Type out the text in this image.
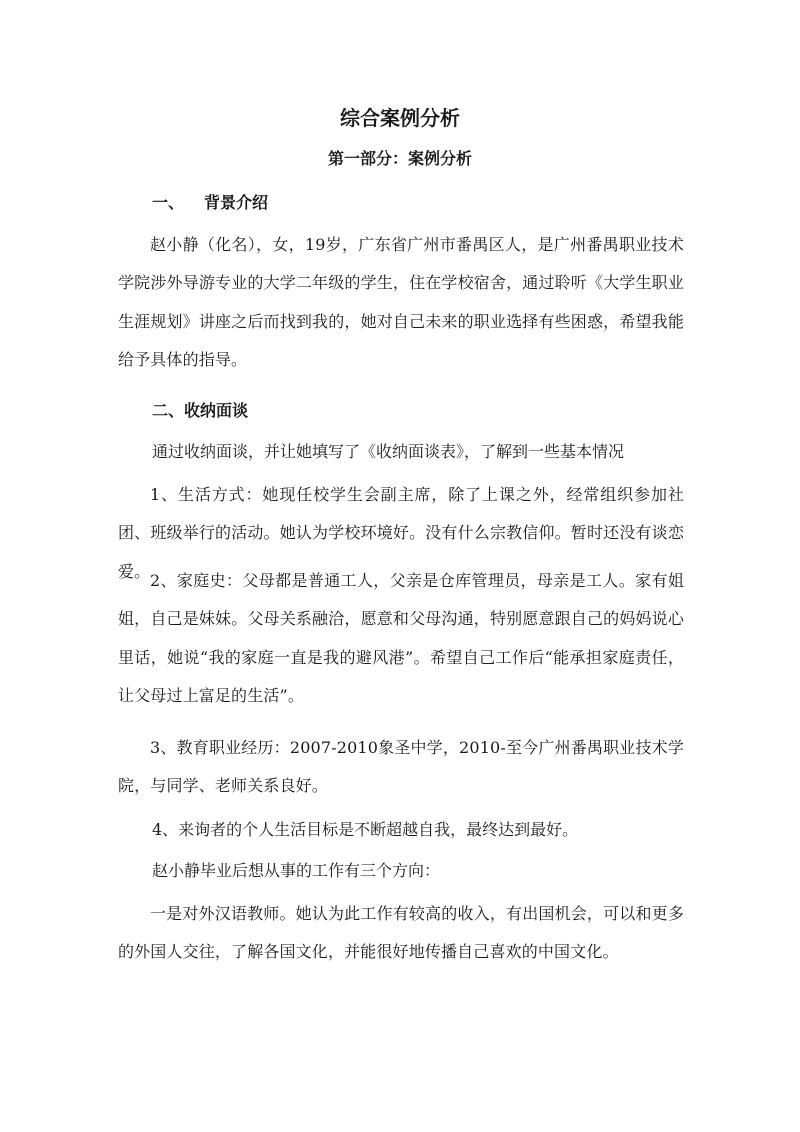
综合案例分析
第一部分：案例分析
一、 背景介绍
赵小静（化名），女，19岁，广东省广州市番禺区人，是广州番禺职业技术学院涉外导游专业的大学二年级的学生，住在学校宿舍，通过聆听《大学生职业生涯规划》讲座之后而找到我的，她对自己未来的职业选择有些困惑，希望我能给予具体的指导。
二、收纳面谈
通过收纳面谈，并让她填写了《收纳面谈表》，了解到一些基本情况
1、生活方式：她现任校学生会副主席，除了上课之外，经常组织参加社团、班级举行的活动。她认为学校环境好。没有什么宗教信仰。暂时还没有谈恋爱。 2、家庭史：父母都是普通工人，父亲是仓库管理员，母亲是工人。家有姐姐，自己是妹妹。父母关系融洽，愿意和父母沟通，特别愿意跟自己的妈妈说心里话，她说“我的家庭一直是我的避风港”。希望自己工作后“能承担家庭责任，让父母过上富足的生活”。
3、教育职业经历：2007-2010象圣中学，2010-至今广州番禺职业技术学院，与同学、老师关系良好。
4、来询者的个人生活目标是不断超越自我，最终达到最好。
赵小静毕业后想从事的工作有三个方向：
一是对外汉语教师。她认为此工作有较高的收入，有出国机会，可以和更多的外国人交往，了解各国文化，并能很好地传播自己喜欢的中国文化。
